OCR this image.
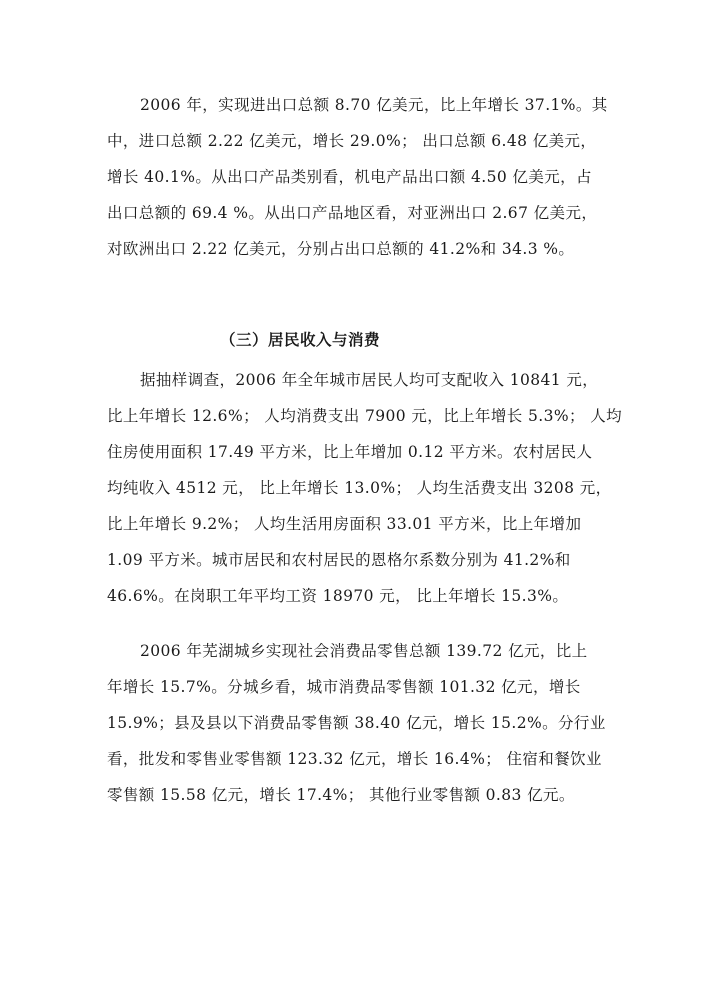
2006 年，实现进出口总额 8.70 亿美元，比上年增长 37.1%。其
中，进口总额 2.22 亿美元，增长 29.0%； 出口总额 6.48 亿美元，
增长 40.1%。从出口产品类别看，机电产品出口额 4.50 亿美元，占
出口总额的 69.4 %。从出口产品地区看，对亚洲出口 2.67 亿美元，
对欧洲出口 2.22 亿美元，分别占出口总额的 41.2%和 34.3 %。
（三）居民收入与消费
据抽样调查，2006 年全年城市居民人均可支配收入 10841 元，
比上年增长 12.6%； 人均消费支出 7900 元，比上年增长 5.3%； 人均
住房使用面积 17.49 平方米，比上年增加 0.12 平方米。农村居民人
均纯收入 4512 元， 比上年增长 13.0%； 人均生活费支出 3208 元，
比上年增长 9.2%； 人均生活用房面积 33.01 平方米，比上年增加
1.09 平方米。城市居民和农村居民的恩格尔系数分别为 41.2%和
46.6%。在岗职工年平均工资 18970 元， 比上年增长 15.3%。
2006 年芜湖城乡实现社会消费品零售总额 139.72 亿元，比上
年增长 15.7%。分城乡看，城市消费品零售额 101.32 亿元，增长
15.9%；县及县以下消费品零售额 38.40 亿元，增长 15.2%。分行业
看，批发和零售业零售额 123.32 亿元，增长 16.4%； 住宿和餐饮业
零售额 15.58 亿元，增长 17.4%； 其他行业零售额 0.83 亿元。
